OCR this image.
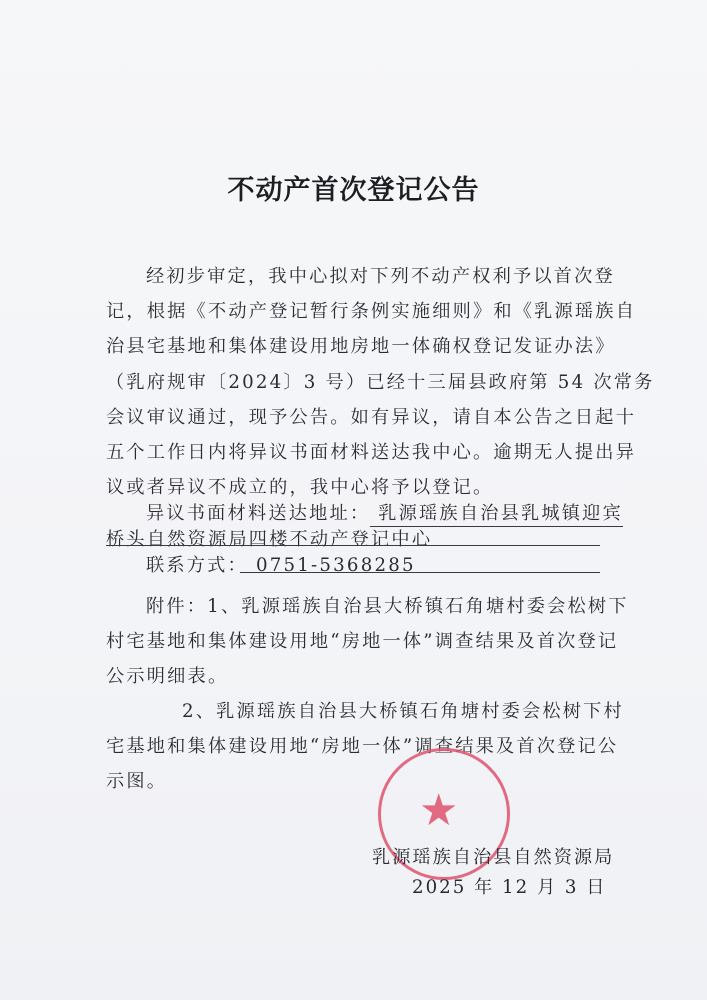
不动产首次登记公告
经初步审定，我中心拟对下列不动产权利予以首次登
记，根据《不动产登记暂行条例实施细则》和《乳源瑶族自
治县宅基地和集体建设用地房地一体确权登记发证办法》
（乳府规审〔2024〕3 号）已经十三届县政府第 54 次常务
会议审议通过，现予公告。如有异议，请自本公告之日起十
五个工作日内将异议书面材料送达我中心。逾期无人提出异
议或者异议不成立的，我中心将予以登记。
异议书面材料送达地址： 乳源瑶族自治县乳城镇迎宾
桥头自然资源局四楼不动产登记中心
联系方式： 0751-5368285
附件：1、乳源瑶族自治县大桥镇石角塘村委会松树下
村宅基地和集体建设用地“房地一体”调查结果及首次登记
公示明细表。
2、乳源瑶族自治县大桥镇石角塘村委会松树下村
宅基地和集体建设用地“房地一体”调查结果及首次登记公
示图。
★
乳源瑶族自治县自然资源局
2025 年 12 月 3 日
